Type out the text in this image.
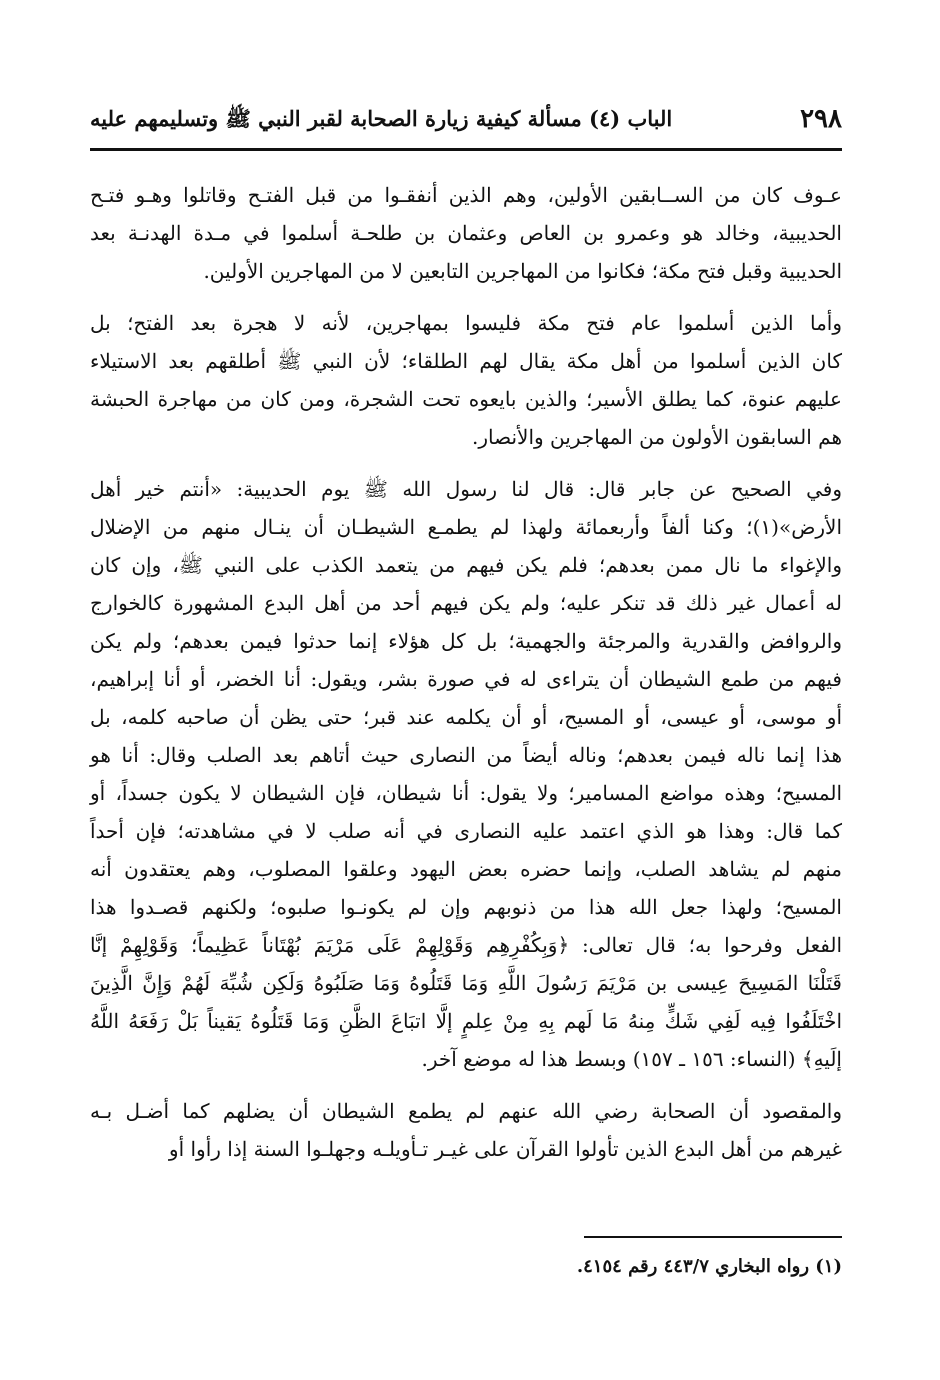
٢٩٨
الباب (٤) مسألة كيفية زيارة الصحابة لقبر النبي ﷺ وتسليمهم عليه
عـوف كان من الســابقين الأولين، وهم الذين أنفقـوا من قبل الفتـح وقاتلوا وهـو فتـح
الحديبية، وخالد هو وعمرو بن العاص وعثمان بن طلحـة أسلموا في مـدة الهدنـة بعد
الحديبية وقبل فتح مكة؛ فكانوا من المهاجرين التابعين لا من المهاجرين الأولين.
وأما الذين أسلموا عام فتح مكة فليسوا بمهاجرين، لأنه لا هجرة بعد الفتح؛ بل
كان الذين أسلموا من أهل مكة يقال لهم الطلقاء؛ لأن النبي ﷺ أطلقهم بعد الاستيلاء
عليهم عنوة، كما يطلق الأسير؛ والذين بايعوه تحت الشجرة، ومن كان من مهاجرة الحبشة
هم السابقون الأولون من المهاجرين والأنصار.
وفي الصحيح عن جابر قال: قال لنا رسول الله ﷺ يوم الحديبية: «أنتم خير أهل
الأرض»(١)؛ وكنا ألفاً وأربعمائة ولهذا لم يطمـع الشيطـان أن ينـال منهم من الإضلال
والإغواء ما نال ممن بعدهم؛ فلم يكن فيهم من يتعمد الكذب على النبي ﷺ، وإن كان
له أعمال غير ذلك قد تنكر عليه؛ ولم يكن فيهم أحد من أهل البدع المشهورة كالخوارج
والروافض والقدرية والمرجئة والجهمية؛ بل كل هؤلاء إنما حدثوا فيمن بعدهم؛ ولم يكن
فيهم من طمع الشيطان أن يتراءى له في صورة بشر، ويقول: أنا الخضر، أو أنا إبراهيم،
أو موسى، أو عيسى، أو المسيح، أو أن يكلمه عند قبر؛ حتى يظن أن صاحبه كلمه، بل
هذا إنما ناله فيمن بعدهم؛ وناله أيضاً من النصارى حيث أتاهم بعد الصلب وقال: أنا هو
المسيح؛ وهذه مواضع المسامير؛ ولا يقول: أنا شيطان، فإن الشيطان لا يكون جسداً، أو
كما قال: وهذا هو الذي اعتمد عليه النصارى في أنه صلب لا في مشاهدته؛ فإن أحداً
منهم لم يشاهد الصلب، وإنما حضره بعض اليهود وعلقوا المصلوب، وهم يعتقدون أنه
المسيح؛ ولهذا جعل الله هذا من ذنوبهم وإن لم يكونـوا صلبوه؛ ولكنهم قصـدوا هذا
الفعل وفرحوا به؛ قال تعالى: ﴿وَبِكُفْرِهِم وَقَوْلِهِمْ عَلَى مَرْيَمَ بُهْتَاناً عَظِيماً؛ وَقَوْلِهِمْ إنَّا
قَتَلْنَا المَسِيحَ عِيسى بن مَرْيَمَ رَسُولَ اللَّهِ وَمَا قَتَلُوهُ وَمَا صَلَبُوهُ وَلَكِن شُبِّهَ لَهُمْ وَإِنَّ الَّذِينَ
اخْتَلَفُوا فِيه لَفِي شَكٍّ مِنهُ مَا لَهم بِهِ مِنْ عِلمٍ إلَّا اتبَاعَ الظَّنِ وَمَا قَتَلُوهُ يَقيناً بَلْ رَفَعَهُ اللَّهُ
إلَيهِ﴾ (النساء: ١٥٦ ـ ١٥٧) وبسط هذا له موضع آخر.
والمقصود أن الصحابة رضي الله عنهم لم يطمع الشيطان أن يضلهم كما أضـل بـه
غيرهم من أهل البدع الذين تأولوا القرآن على غيـر تـأويلـه وجهلـوا السنة إذا رأوا أو
(١) رواه البخاري ٤٤٣/٧ رقم ٤١٥٤.
